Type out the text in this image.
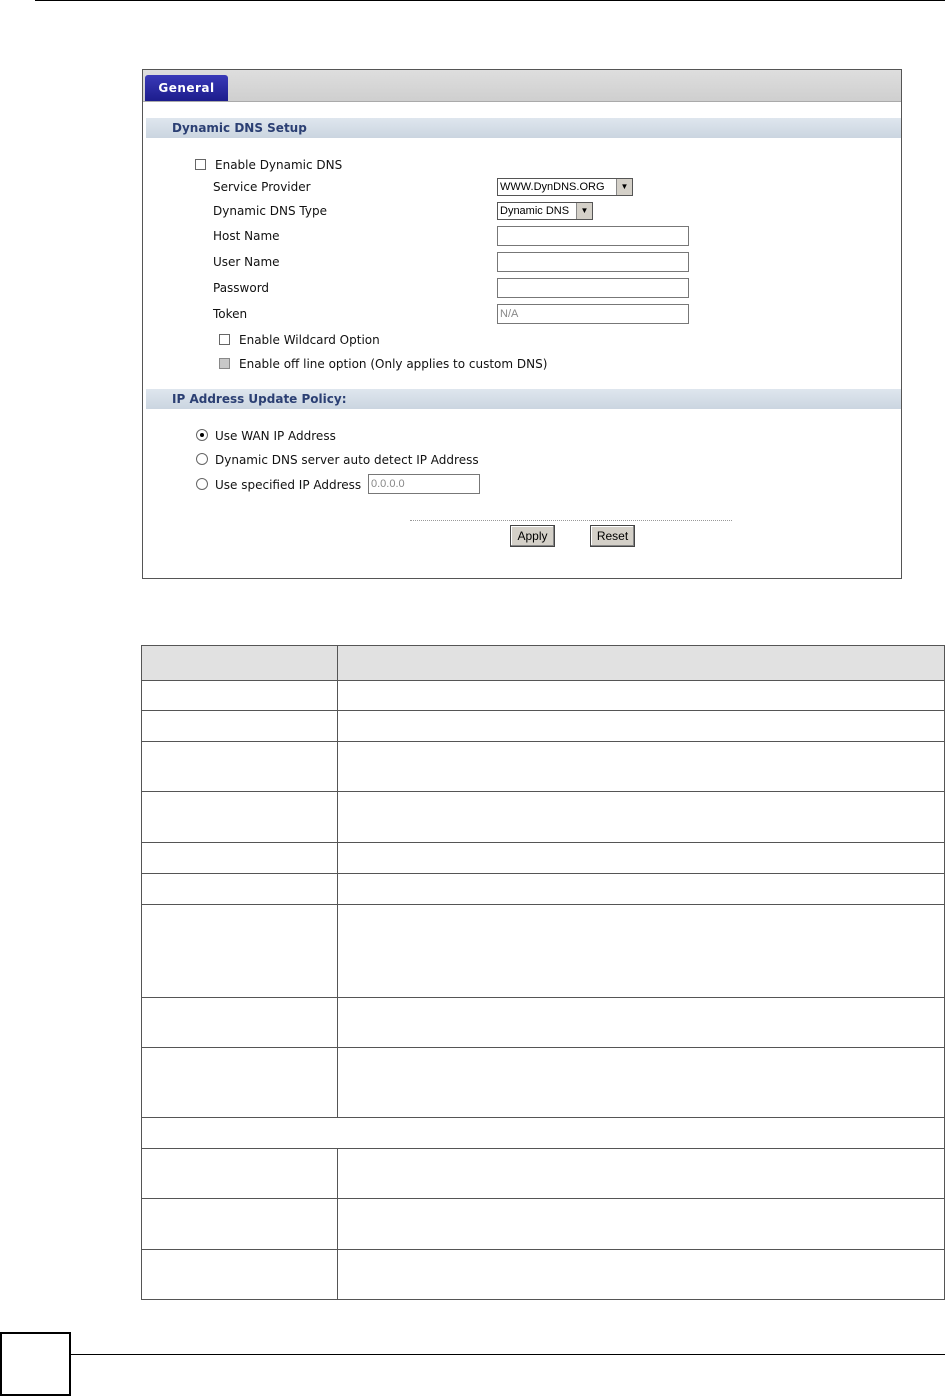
General
Dynamic DNS Setup
Enable Dynamic DNS
Service Provider	WWW.DynDNS.ORG	▼
Dynamic DNS Type	Dynamic DNS	▼
Host Name
User Name
Password
Token	N/A
Enable Wildcard Option
Enable off line option (Only applies to custom DNS)
IP Address Update Policy:
Use WAN IP Address
Dynamic DNS server auto detect IP Address
Use specified IP Address 0.0.0.0
Apply	Reset
